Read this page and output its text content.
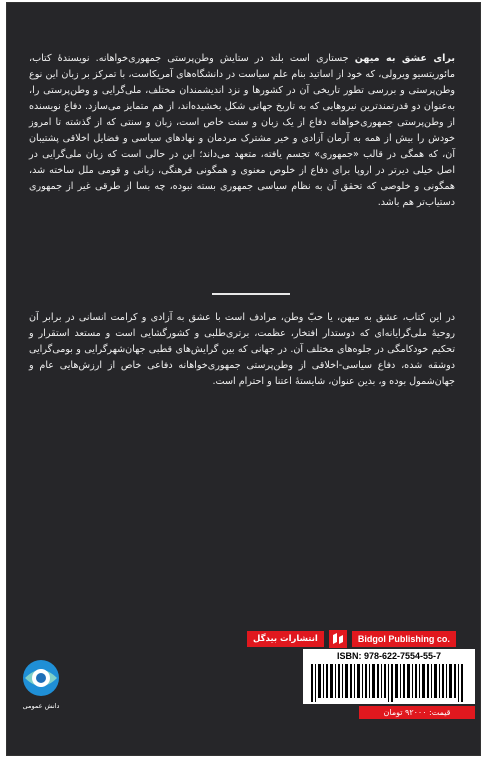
برای عشق به میهن جستاری است بلند در ستایش وطن‌پرستی جمهوری‌خواهانه. نویسندهٔ کتاب، مائوریتسیو ویرولی، که خود از اساتید بنام علم سیاست در دانشگاه‌های آمریکاست، با تمرکز بر زبان این نوع وطن‌پرستی و بررسی تطور تاریخی آن در کشورها و نزد اندیشمندان مختلف، ملی‌گرایی و وطن‌پرستی را، به‌عنوان دو قدرتمندترین نیروهایی که به تاریخ جهانی شکل بخشیده‌اند، از هم متمایز می‌سازد. دفاع نویسنده از وطن‌پرستی جمهوری‌خواهانه دفاع از یک زبان و سنت خاص است، زبان و سنتی که از گذشته تا امروز خودش را بیش از همه به آرمان آزادی و خیر مشترک مردمان و نهادهای سیاسی و فضایل اخلاقی پشتیبان آن، که همگی در قالب «جمهوری» تجسم یافته، متعهد می‌داند؛ این در حالی است که زبان ملی‌گرایی در اصل خیلی دیرتر در اروپا برای دفاع از خلوص معنوی و همگونی فرهنگی، زبانی و قومی ملل ساخته شد، همگونی و خلوصی که تحقق آن به نظام سیاسی جمهوری بسته نبوده، چه بسا از طرقی غیر از جمهوری دستیاب‌تر هم باشد.

در این کتاب، عشق به میهن، یا حبّ وطن، مرادف است با عشق به آزادی و کرامت انسانی در برابر آن روحیهٔ ملی‌گرایانه‌ای که دوستدار افتخار، عظمت، برتری‌طلبی و کشورگشایی است و مستعد استقرار و تحکیم خودکامگی در جلوه‌های مختلف آن. در جهانی که بین گرایش‌های قطبی جهان‌شهرگرایی و بومی‌گرایی دوشقه شده، دفاع سیاسی-اخلاقی از وطن‌پرستی جمهوری‌خواهانه دفاعی خاص از ارزش‌هایی عام و جهان‌شمول بوده و، بدین عنوان، شایستهٔ اعتنا و احترام است.

دانش عمومی
انتشارات بیدگل	Bidgol Publishing co.
ISBN: 978-622-7554-55-7
قیمت: ۹۲۰۰۰ تومان
